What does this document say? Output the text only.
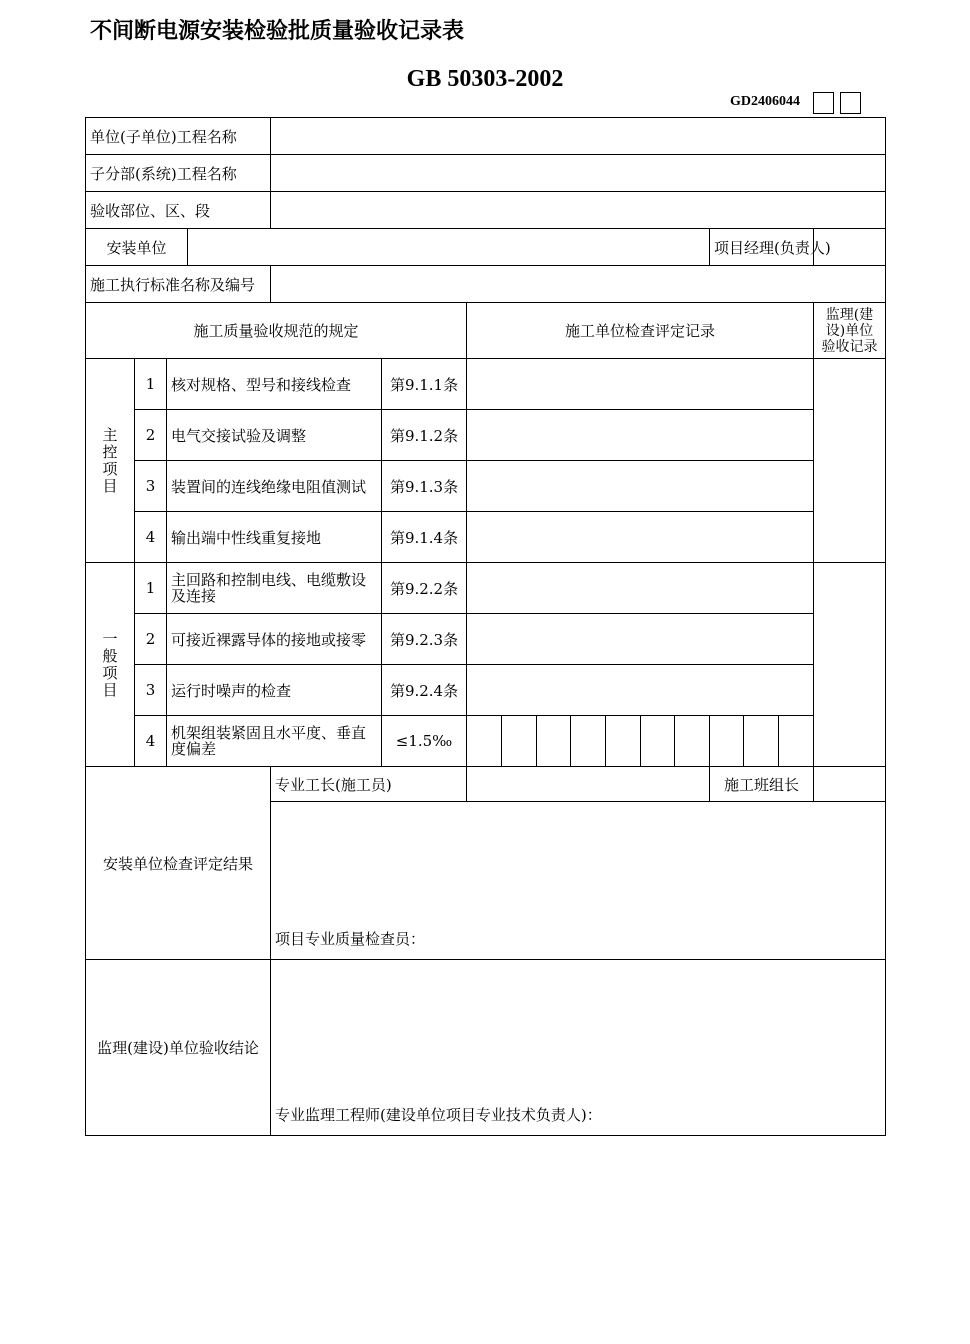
不间断电源安装检验批质量验收记录表
GB 50303-2002
GD2406044
单位(子单位)工程名称	
子分部(系统)工程名称	
验收部位、区、段	
安装单位		项目经理(负责人)	
施工执行标准名称及编号	
施工质量验收规范的规定	施工单位检查评定记录	监理(建设)单位 验收记录
主控项目	1	核对规格、型号和接线检查	第9.1.1条		
2	电气交接试验及调整	第9.1.2条	
3	装置间的连线绝缘电阻值测试	第9.1.3条	
4	输出端中性线重复接地	第9.1.4条	
一般项目	1	主回路和控制电线、电缆敷设及连接	第9.2.2条		
2	可接近裸露导体的接地或接零	第9.2.3条	
3	运行时噪声的检查	第9.2.4条	
4	机架组装紧固且水平度、垂直度偏差	≤1.5‰	

安装单位检查评定结果	专业工长(施工员)		施工班组长	
项目专业质量检查员：
监理(建设)单位验收结论	专业监理工程师(建设单位项目专业技术负责人)：
